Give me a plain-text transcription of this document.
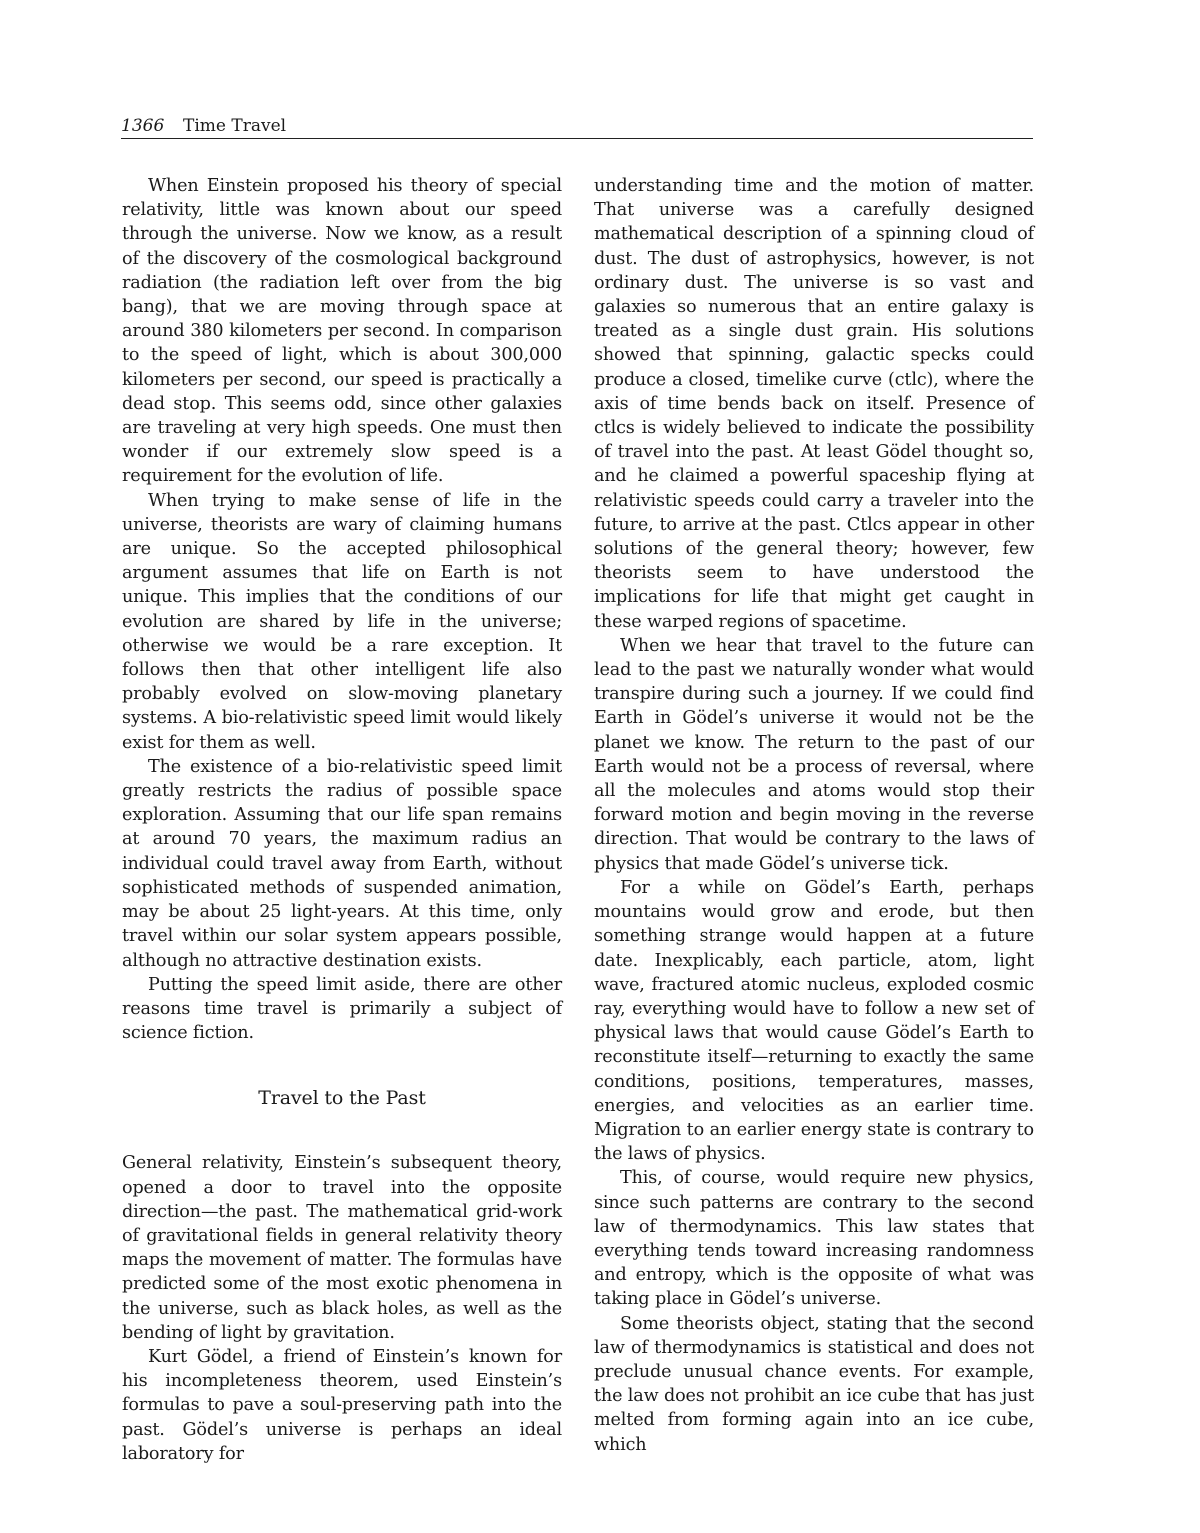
1366 Time Travel

When Einstein proposed his theory of special relativity, little was known about our speed through the universe. Now we know, as a result of the discovery of the cosmological background radiation (the radiation left over from the big bang), that we are moving through space at around 380 kilometers per second. In comparison to the speed of light, which is about 300,000 kilometers per second, our speed is practically a dead stop. This seems odd, since other galaxies are traveling at very high speeds. One must then wonder if our extremely slow speed is a requirement for the evolution of life.

When trying to make sense of life in the universe, theorists are wary of claiming humans are unique. So the accepted philosophical argument assumes that life on Earth is not unique. This implies that the conditions of our evolution are shared by life in the universe; otherwise we would be a rare exception. It follows then that other intelligent life also probably evolved on slow-moving planetary systems. A bio-relativistic speed limit would likely exist for them as well.

The existence of a bio-relativistic speed limit greatly restricts the radius of possible space exploration. Assuming that our life span remains at around 70 years, the maximum radius an individual could travel away from Earth, without sophisticated methods of suspended animation, may be about 25 light-years. At this time, only travel within our solar system appears possible, although no attractive destination exists.

Putting the speed limit aside, there are other reasons time travel is primarily a subject of science fiction.

Travel to the Past

General relativity, Einstein’s subsequent theory, opened a door to travel into the opposite direction—the past. The mathematical grid-work of gravitational fields in general relativity theory maps the movement of matter. The formulas have predicted some of the most exotic phenomena in the universe, such as black holes, as well as the bending of light by gravitation.

Kurt Gödel, a friend of Einstein’s known for his incompleteness theorem, used Einstein’s formulas to pave a soul-preserving path into the past. Gödel’s universe is perhaps an ideal laboratory for

understanding time and the motion of matter. That universe was a carefully designed mathematical description of a spinning cloud of dust. The dust of astrophysics, however, is not ordinary dust. The universe is so vast and galaxies so numerous that an entire galaxy is treated as a single dust grain. His solutions showed that spinning, galactic specks could produce a closed, timelike curve (ctlc), where the axis of time bends back on itself. Presence of ctlcs is widely believed to indicate the possibility of travel into the past. At least Gödel thought so, and he claimed a powerful spaceship flying at relativistic speeds could carry a traveler into the future, to arrive at the past. Ctlcs appear in other solutions of the general theory; however, few theorists seem to have understood the implications for life that might get caught in these warped regions of spacetime.

When we hear that travel to the future can lead to the past we naturally wonder what would transpire during such a journey. If we could find Earth in Gödel’s universe it would not be the planet we know. The return to the past of our Earth would not be a process of reversal, where all the molecules and atoms would stop their forward motion and begin moving in the reverse direction. That would be contrary to the laws of physics that made Gödel’s universe tick.

For a while on Gödel’s Earth, perhaps mountains would grow and erode, but then something strange would happen at a future date. Inexplicably, each particle, atom, light wave, fractured atomic nucleus, exploded cosmic ray, everything would have to follow a new set of physical laws that would cause Gödel’s Earth to reconstitute itself—returning to exactly the same conditions, positions, temperatures, masses, energies, and velocities as an earlier time. Migration to an earlier energy state is contrary to the laws of physics.

This, of course, would require new physics, since such patterns are contrary to the second law of thermodynamics. This law states that everything tends toward increasing randomness and entropy, which is the opposite of what was taking place in Gödel’s universe.

Some theorists object, stating that the second law of thermodynamics is statistical and does not preclude unusual chance events. For example, the law does not prohibit an ice cube that has just melted from forming again into an ice cube, which
